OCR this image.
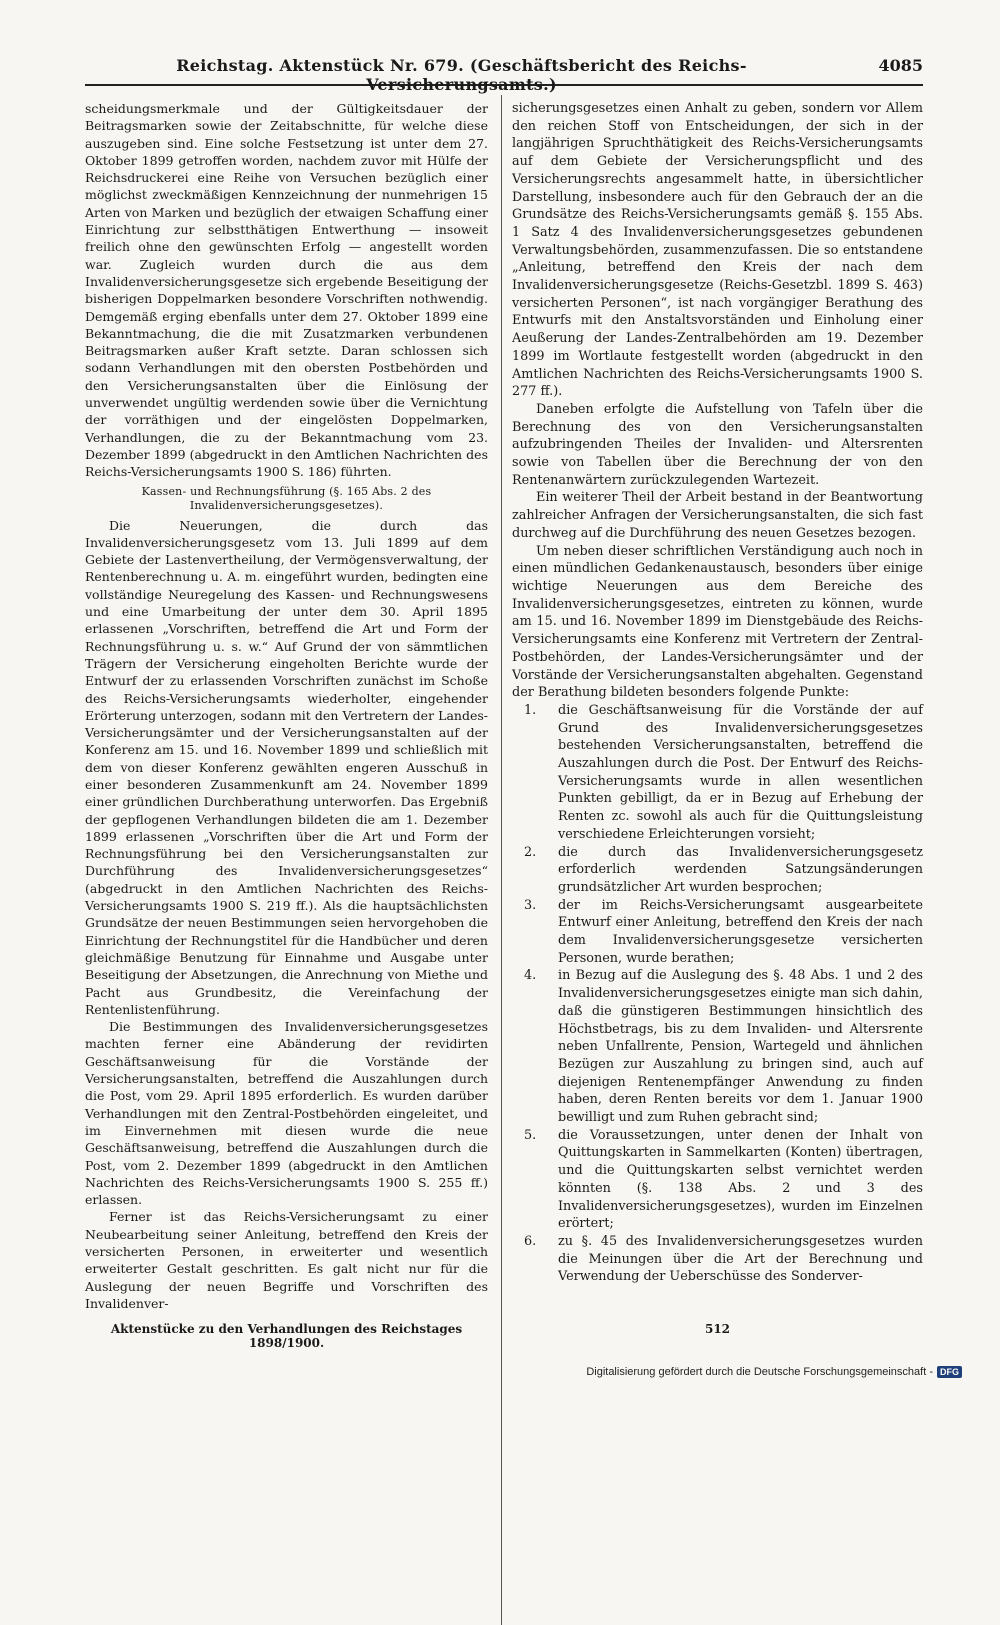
Reichstag. Aktenstück Nr. 679. (Geschäftsbericht des Reichs-Versicherungsamts.)
4085

scheidungsmerkmale und der Gültigkeitsdauer der Beitragsmarken sowie der Zeitabschnitte, für welche diese auszugeben sind. Eine solche Festsetzung ist unter dem 27. Oktober 1899 getroffen worden, nachdem zuvor mit Hülfe der Reichsdruckerei eine Reihe von Versuchen bezüglich einer möglichst zweckmäßigen Kennzeichnung der nunmehrigen 15 Arten von Marken und bezüglich der etwaigen Schaffung einer Einrichtung zur selbstthätigen Entwerthung — insoweit freilich ohne den gewünschten Erfolg — angestellt worden war. Zugleich wurden durch die aus dem Invalidenversicherungsgesetze sich ergebende Beseitigung der bisherigen Doppelmarken besondere Vorschriften nothwendig. Demgemäß erging ebenfalls unter dem 27. Oktober 1899 eine Bekanntmachung, die die mit Zusatzmarken verbundenen Beitragsmarken außer Kraft setzte. Daran schlossen sich sodann Verhandlungen mit den obersten Postbehörden und den Versicherungsanstalten über die Einlösung der unverwendet ungültig werdenden sowie über die Vernichtung der vorräthigen und der eingelösten Doppelmarken, Verhandlungen, die zu der Bekanntmachung vom 23. Dezember 1899 (abgedruckt in den Amtlichen Nachrichten des Reichs-Versicherungsamts 1900 S. 186) führten.

Kassen- und Rechnungsführung (§. 165 Abs. 2 des Invalidenversicherungsgesetzes).

Die Neuerungen, die durch das Invalidenversicherungsgesetz vom 13. Juli 1899 auf dem Gebiete der Lastenvertheilung, der Vermögensverwaltung, der Rentenberechnung u. A. m. eingeführt wurden, bedingten eine vollständige Neuregelung des Kassen- und Rechnungswesens und eine Umarbeitung der unter dem 30. April 1895 erlassenen „Vorschriften, betreffend die Art und Form der Rechnungsführung u. s. w.“ Auf Grund der von sämmtlichen Trägern der Versicherung eingeholten Berichte wurde der Entwurf der zu erlassenden Vorschriften zunächst im Schoße des Reichs-Versicherungsamts wiederholter, eingehender Erörterung unterzogen, sodann mit den Vertretern der Landes-Versicherungsämter und der Versicherungsanstalten auf der Konferenz am 15. und 16. November 1899 und schließlich mit dem von dieser Konferenz gewählten engeren Ausschuß in einer besonderen Zusammenkunft am 24. November 1899 einer gründlichen Durchberathung unterworfen. Das Ergebniß der gepflogenen Verhandlungen bildeten die am 1. Dezember 1899 erlassenen „Vorschriften über die Art und Form der Rechnungsführung bei den Versicherungsanstalten zur Durchführung des Invalidenversicherungsgesetzes“ (abgedruckt in den Amtlichen Nachrichten des Reichs-Versicherungsamts 1900 S. 219 ff.). Als die hauptsächlichsten Grundsätze der neuen Bestimmungen seien hervorgehoben die Einrichtung der Rechnungstitel für die Handbücher und deren gleichmäßige Benutzung für Einnahme und Ausgabe unter Beseitigung der Absetzungen, die Anrechnung von Miethe und Pacht aus Grundbesitz, die Vereinfachung der Rentenlistenführung.

Die Bestimmungen des Invalidenversicherungsgesetzes machten ferner eine Abänderung der revidirten Geschäftsanweisung für die Vorstände der Versicherungsanstalten, betreffend die Auszahlungen durch die Post, vom 29. April 1895 erforderlich. Es wurden darüber Verhandlungen mit den Zentral-Postbehörden eingeleitet, und im Einvernehmen mit diesen wurde die neue Geschäftsanweisung, betreffend die Auszahlungen durch die Post, vom 2. Dezember 1899 (abgedruckt in den Amtlichen Nachrichten des Reichs-Versicherungsamts 1900 S. 255 ff.) erlassen.

Ferner ist das Reichs-Versicherungsamt zu einer Neubearbeitung seiner Anleitung, betreffend den Kreis der versicherten Personen, in erweiterter und wesentlich erweiterter Gestalt geschritten. Es galt nicht nur für die Auslegung der neuen Begriffe und Vorschriften des Invalidenver-

sicherungsgesetzes einen Anhalt zu geben, sondern vor Allem den reichen Stoff von Entscheidungen, der sich in der langjährigen Spruchthätigkeit des Reichs-Versicherungsamts auf dem Gebiete der Versicherungspflicht und des Versicherungsrechts angesammelt hatte, in übersichtlicher Darstellung, insbesondere auch für den Gebrauch der an die Grundsätze des Reichs-Versicherungsamts gemäß §. 155 Abs. 1 Satz 4 des Invalidenversicherungsgesetzes gebundenen Verwaltungsbehörden, zusammenzufassen. Die so entstandene „Anleitung, betreffend den Kreis der nach dem Invalidenversicherungsgesetze (Reichs-Gesetzbl. 1899 S. 463) versicherten Personen“, ist nach vorgängiger Berathung des Entwurfs mit den Anstaltsvorständen und Einholung einer Aeußerung der Landes-Zentralbehörden am 19. Dezember 1899 im Wortlaute festgestellt worden (abgedruckt in den Amtlichen Nachrichten des Reichs-Versicherungsamts 1900 S. 277 ff.).

Daneben erfolgte die Aufstellung von Tafeln über die Berechnung des von den Versicherungsanstalten aufzubringenden Theiles der Invaliden- und Altersrenten sowie von Tabellen über die Berechnung der von den Rentenanwärtern zurückzulegenden Wartezeit.

Ein weiterer Theil der Arbeit bestand in der Beantwortung zahlreicher Anfragen der Versicherungsanstalten, die sich fast durchweg auf die Durchführung des neuen Gesetzes bezogen.

Um neben dieser schriftlichen Verständigung auch noch in einen mündlichen Gedankenaustausch, besonders über einige wichtige Neuerungen aus dem Bereiche des Invalidenversicherungsgesetzes, eintreten zu können, wurde am 15. und 16. November 1899 im Dienstgebäude des Reichs-Versicherungsamts eine Konferenz mit Vertretern der Zentral-Postbehörden, der Landes-Versicherungsämter und der Vorstände der Versicherungsanstalten abgehalten. Gegenstand der Berathung bildeten besonders folgende Punkte:

1. die Geschäftsanweisung für die Vorstände der auf Grund des Invalidenversicherungsgesetzes bestehenden Versicherungsanstalten, betreffend die Auszahlungen durch die Post. Der Entwurf des Reichs-Versicherungsamts wurde in allen wesentlichen Punkten gebilligt, da er in Bezug auf Erhebung der Renten zc. sowohl als auch für die Quittungsleistung verschiedene Erleichterungen vorsieht;
2. die durch das Invalidenversicherungsgesetz erforderlich werdenden Satzungsänderungen grundsätzlicher Art wurden besprochen;
3. der im Reichs-Versicherungsamt ausgearbeitete Entwurf einer Anleitung, betreffend den Kreis der nach dem Invalidenversicherungsgesetze versicherten Personen, wurde berathen;
4. in Bezug auf die Auslegung des §. 48 Abs. 1 und 2 des Invalidenversicherungsgesetzes einigte man sich dahin, daß die günstigeren Bestimmungen hinsichtlich des Höchstbetrags, bis zu dem Invaliden- und Altersrente neben Unfallrente, Pension, Wartegeld und ähnlichen Bezügen zur Auszahlung zu bringen sind, auch auf diejenigen Rentenempfänger Anwendung zu finden haben, deren Renten bereits vor dem 1. Januar 1900 bewilligt und zum Ruhen gebracht sind;
5. die Voraussetzungen, unter denen der Inhalt von Quittungskarten in Sammelkarten (Konten) übertragen, und die Quittungskarten selbst vernichtet werden könnten (§. 138 Abs. 2 und 3 des Invalidenversicherungsgesetzes), wurden im Einzelnen erörtert;
6. zu §. 45 des Invalidenversicherungsgesetzes wurden die Meinungen über die Art der Berechnung und Verwendung der Ueberschüsse des Sonderver-
Aktenstücke zu den Verhandlungen des Reichstages 1898/1900.
512
Digitalisierung gefördert durch die Deutsche Forschungsgemeinschaft - DFG
